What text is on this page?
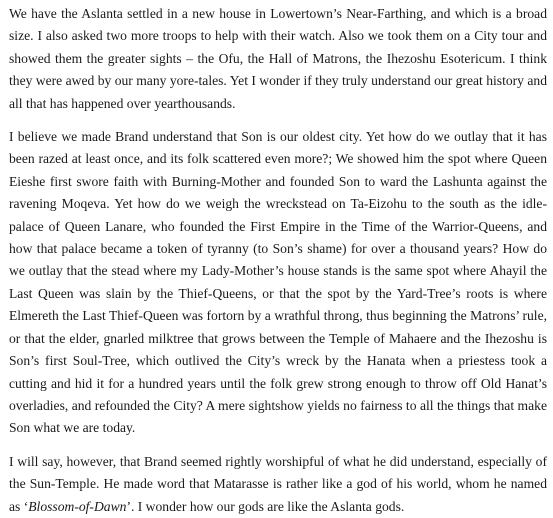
We have the Aslanta settled in a new house in Lowertown’s Near-Farthing, and which is a broad size. I also asked two more troops to help with their watch. Also we took them on a City tour and showed them the greater sights – the Ofu, the Hall of Matrons, the Ihezoshu Esotericum. I think they were awed by our many yore-tales. Yet I wonder if they truly understand our great history and all that has happened over yearthousands.

I believe we made Brand understand that Son is our oldest city. Yet how do we outlay that it has been razed at least once, and its folk scattered even more?; We showed him the spot where Queen Eieshe first swore faith with Burning-Mother and founded Son to ward the Lashunta against the ravening Moqeva. Yet how do we weigh the wreckstead on Ta-Eizohu to the south as the idle-palace of Queen Lanare, who founded the First Empire in the Time of the Warrior-Queens, and how that palace became a token of tyranny (to Son’s shame) for over a thousand years? How do we outlay that the stead where my Lady-Mother’s house stands is the same spot where Ahayil the Last Queen was slain by the Thief-Queens, or that the spot by the Yard-Tree’s roots is where Elmereth the Last Thief-Queen was fortorn by a wrathful throng, thus beginning the Matrons’ rule, or that the elder, gnarled milktree that grows between the Temple of Mahaere and the Ihezoshu is Son’s first Soul-Tree, which outlived the City’s wreck by the Hanata when a priestess took a cutting and hid it for a hundred years until the folk grew strong enough to throw off Old Hanat’s overladies, and refounded the City? A mere sightshow yields no fairness to all the things that make Son what we are today.

I will say, however, that Brand seemed rightly worshipful of what he did understand, especially of the Sun-Temple. He made word that Matarasse is rather like a god of his world, whom he named as ‘Blossom-of-Dawn’. I wonder how our gods are like the Aslanta gods.
